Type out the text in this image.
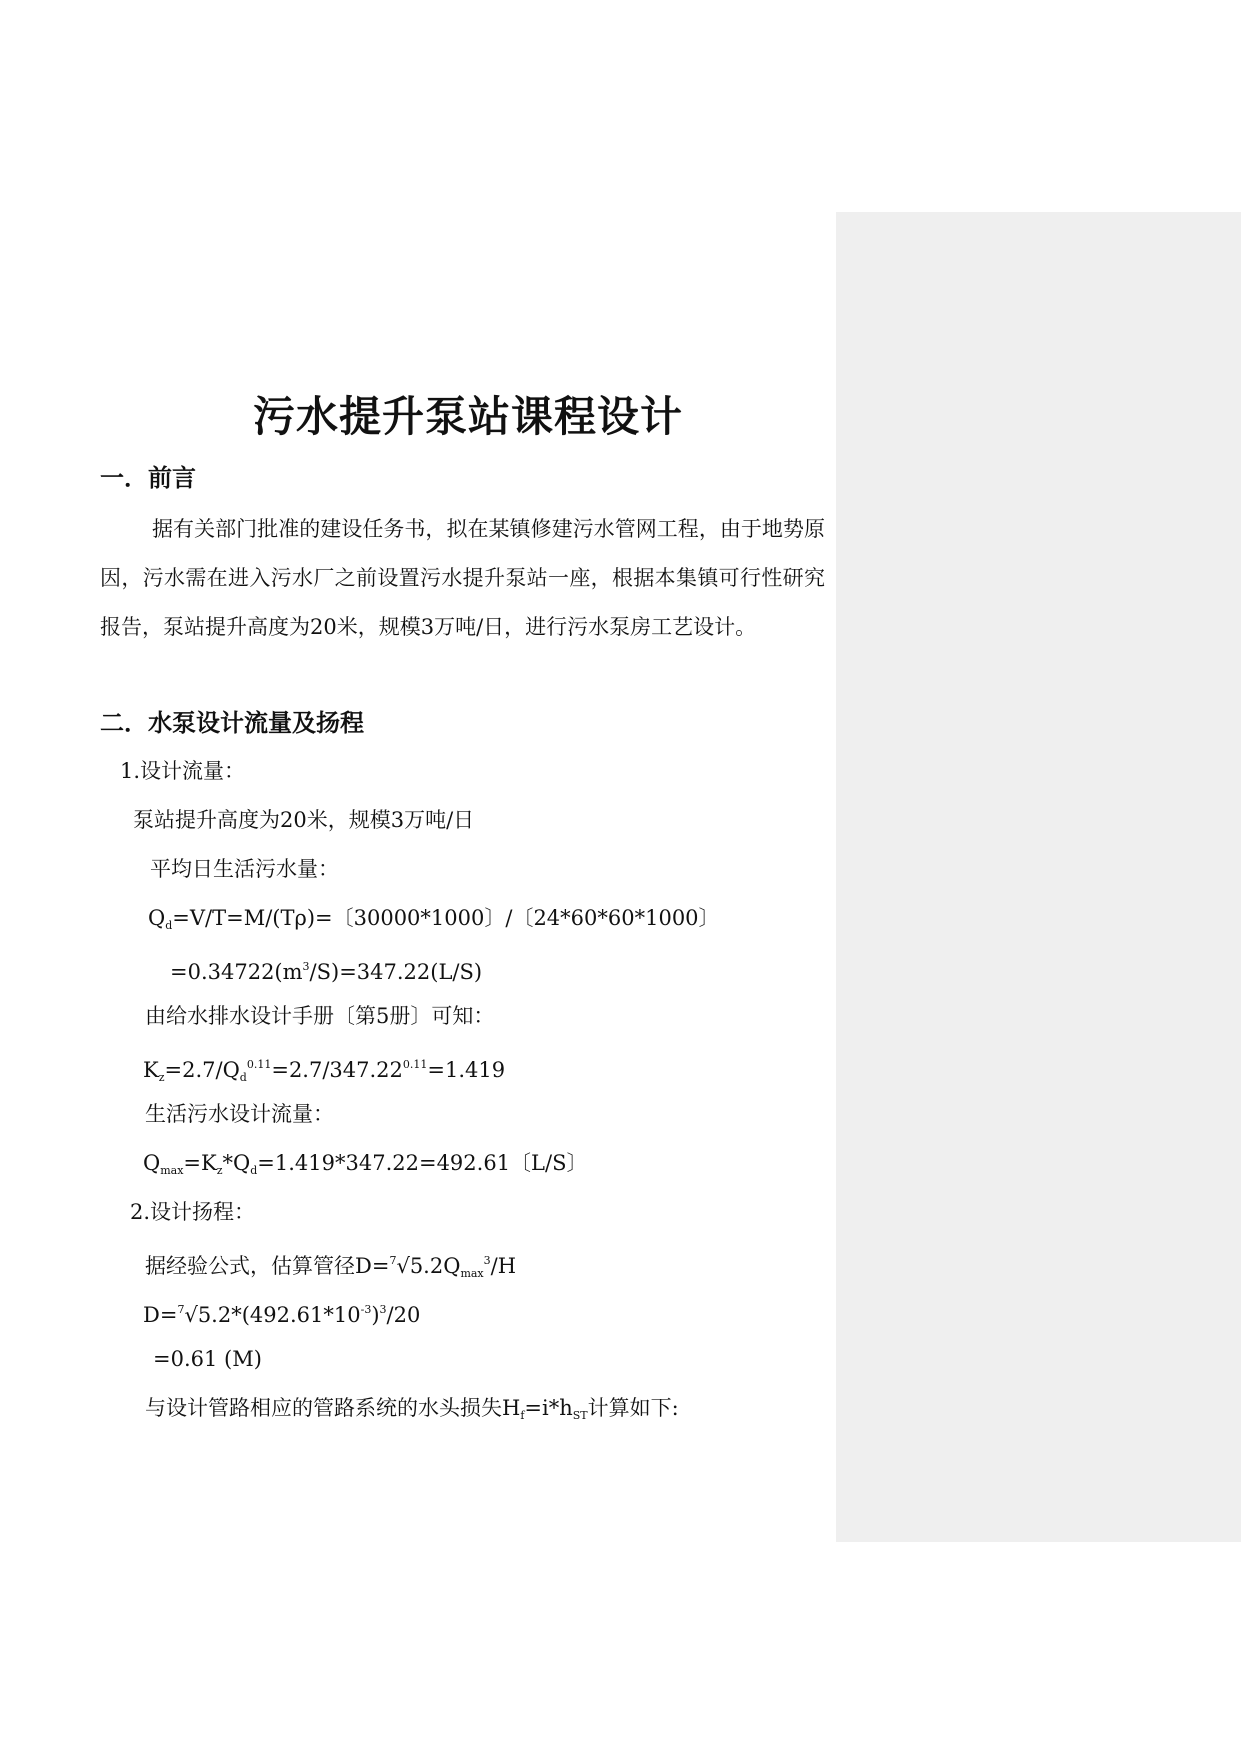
污水提升泵站课程设计
一．前言

据有关部门批准的建设任务书，拟在某镇修建污水管网工程，由于地势原因，污水需在进入污水厂之前设置污水提升泵站一座，根据本集镇可行性研究报告，泵站提升高度为20米，规模3万吨/日，进行污水泵房工艺设计。

二．水泵设计流量及扬程

1.设计流量：

泵站提升高度为20米，规模3万吨/日

平均日生活污水量：

$Q_d=V/T=M/(T\rho)=$〔30000*1000〕/〔24*60*60*1000〕

$=0.34722(m^3/S)=347.22(L/S)$

由给水排水设计手册〔第5册〕可知：

$K_z=2.7/Q_d^{0.11}=2.7/347.22^{0.11}=1.419$

生活污水设计流量：

$Q_{max}=K_z*Q_d=1.419*347.22=492.61$〔L/S〕

2.设计扬程：

据经验公式，估算管径$D=^7√5.2Q_{max}^3/H$

$D=^7√5.2*(492.61*10^{-3})^3/20$

=0.61 (M)

与设计管路相应的管路系统的水头损失$H_f=i*h_{ST}$计算如下:
